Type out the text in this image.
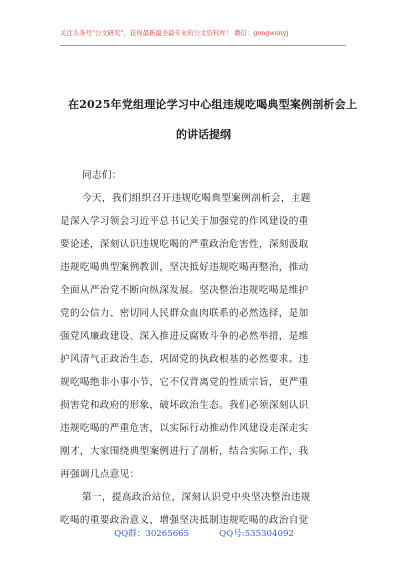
关注头条号"公文研究"，获得最新最全最专业的公文资料库！ 微信：gongwenyj
在2025年党组理论学习中心组违规吃喝典型案例剖析会上
的讲话提纲
同志们：
今天，我们组织召开违规吃喝典型案例剖析会，主题
是深入学习领会习近平总书记关于加强党的作风建设的重
要论述，深刻认识违规吃喝的严重政治危害性，深刻汲取
违规吃喝典型案例教训，坚决抵好违规吃喝再整治，推动
全面从严治党不断向纵深发展。坚决整治违规吃喝是维护
党的公信力、密切同人民群众血肉联系的必然选择，是加
强党风廉政建设、深入推进反腐败斗争的必然举措，是维
护风清气正政治生态、巩固党的执政根基的必然要求。违
规吃喝绝非小事小节，它不仅背离党的性质宗旨，更严重
损害党和政府的形象，破坏政治生态。我们必须深刻认识
违规吃喝的严重危害，以实际行动推动作风建设走深走实
刚才，大家围绕典型案例进行了剖析，结合实际工作，我
再强调几点意见：
第一，提高政治站位，深刻认识党中央坚决整治违规
吃喝的重要政治意义，增强坚决抵制违规吃喝的政治自觉
QQ群：30265665	QQ号:535304092
